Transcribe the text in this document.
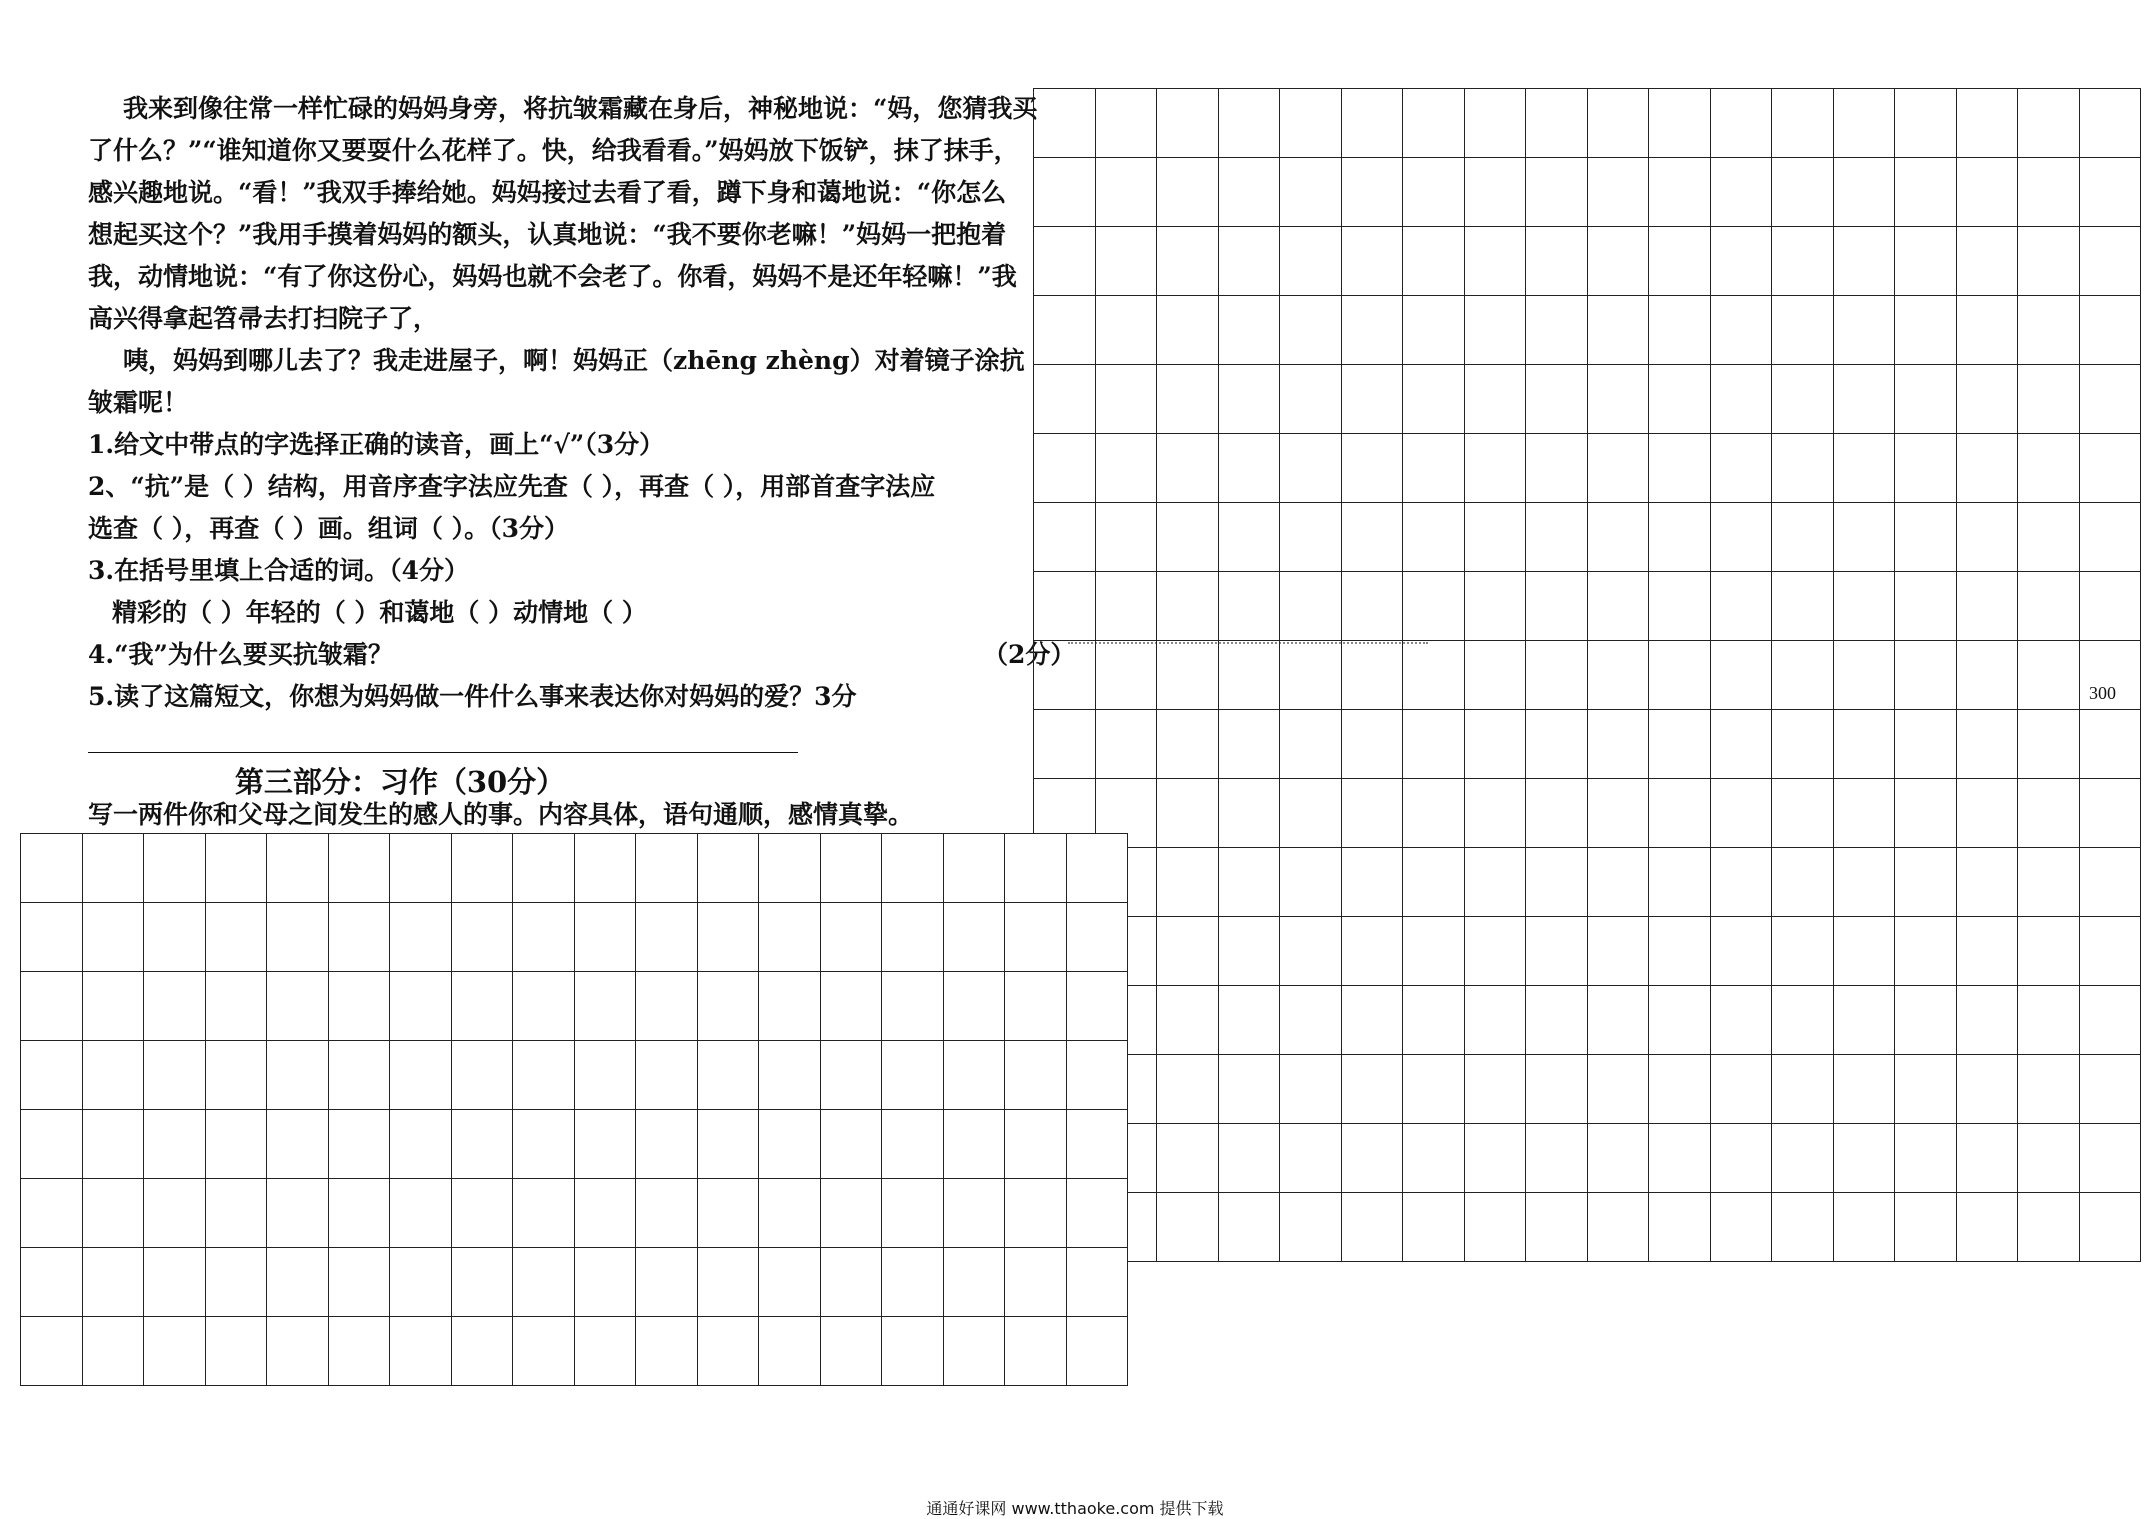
我来到像往常一样忙碌的妈妈身旁，将抗皱霜藏在身后，神秘地说：“妈，您猜我买
了什么？”“谁知道你又要耍什么花样了。快，给我看看。”妈妈放下饭铲，抹了抹手，
感兴趣地说。“看！”我双手捧给她。妈妈接过去看了看，蹲下身和蔼地说：“你怎么
想起买这个？”我用手摸着妈妈的额头，认真地说：“我不要你老嘛！”妈妈一把抱着
我，动情地说：“有了你这份心，妈妈也就不会老了。你看，妈妈不是还年轻嘛！”我
高兴得拿起笤帚去打扫院子了，
咦，妈妈到哪儿去了？我走进屋子，啊！妈妈正（zhēng zhèng）对着镜子涂抗
皱霜呢！
1.给文中带点的字选择正确的读音，画上“√”（3分）
2、“抗”是（ ）结构，用音序查字法应先查（ ），再查（ ），用部首查字法应
选查（ ），再查（ ）画。组词（ ）。（3分）
3.在括号里填上合适的词。（4分）
精彩的（ ）年轻的（ ）和蔼地（ ）动情地（ ）
4.“我”为什么要买抗皱霜？	（2分）
5.读了这篇短文，你想为妈妈做一件什么事来表达你对妈妈的爱？3分
第三部分：习作（30分）
写一两件你和父母之间发生的感人的事。内容具体，语句通顺，感情真挚。
300
通通好课网 www.tthaoke.com 提供下载
